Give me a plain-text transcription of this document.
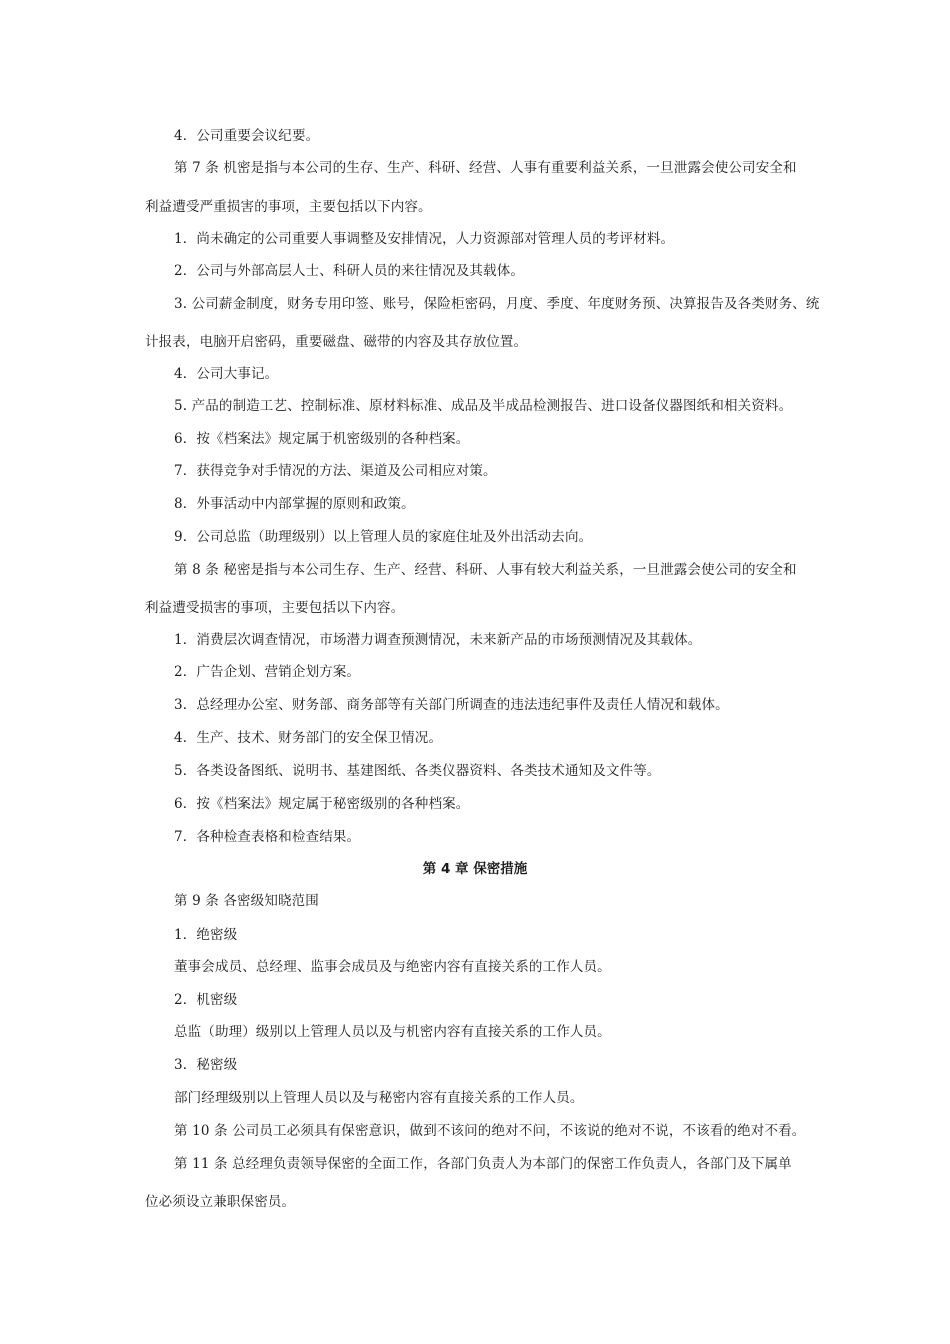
4．公司重要会议纪要。
第 7 条 机密是指与本公司的生存、生产、科研、经营、人事有重要利益关系，一旦泄露会使公司安全和
利益遭受严重损害的事项，主要包括以下内容。
1．尚未确定的公司重要人事调整及安排情况，人力资源部对管理人员的考评材料。
2．公司与外部高层人士、科研人员的来往情况及其载体。
3. 公司薪金制度，财务专用印签、账号，保险柜密码，月度、季度、年度财务预、决算报告及各类财务、统
计报表，电脑开启密码，重要磁盘、磁带的内容及其存放位置。
4．公司大事记。
5. 产品的制造工艺、控制标准、原材料标准、成品及半成品检测报告、进口设备仪器图纸和相关资料。
6．按《档案法》规定属于机密级别的各种档案。
7．获得竞争对手情况的方法、渠道及公司相应对策。
8．外事活动中内部掌握的原则和政策。
9．公司总监（助理级别）以上管理人员的家庭住址及外出活动去向。
第 8 条 秘密是指与本公司生存、生产、经营、科研、人事有较大利益关系，一旦泄露会使公司的安全和
利益遭受损害的事项，主要包括以下内容。
1．消费层次调查情况，市场潜力调查预测情况，未来新产品的市场预测情况及其载体。
2．广告企划、营销企划方案。
3．总经理办公室、财务部、商务部等有关部门所调查的违法违纪事件及责任人情况和载体。
4．生产、技术、财务部门的安全保卫情况。
5．各类设备图纸、说明书、基建图纸、各类仪器资料、各类技术通知及文件等。
6．按《档案法》规定属于秘密级别的各种档案。
7．各种检查表格和检查结果。
第 4 章 保密措施
第 9 条 各密级知晓范围
1．绝密级
董事会成员、总经理、监事会成员及与绝密内容有直接关系的工作人员。
2．机密级
总监（助理）级别以上管理人员以及与机密内容有直接关系的工作人员。
3．秘密级
部门经理级别以上管理人员以及与秘密内容有直接关系的工作人员。
第 10 条 公司员工必须具有保密意识，做到不该问的绝对不问，不该说的绝对不说，不该看的绝对不看。
第 11 条 总经理负责领导保密的全面工作，各部门负责人为本部门的保密工作负责人，各部门及下属单
位必须设立兼职保密员。
